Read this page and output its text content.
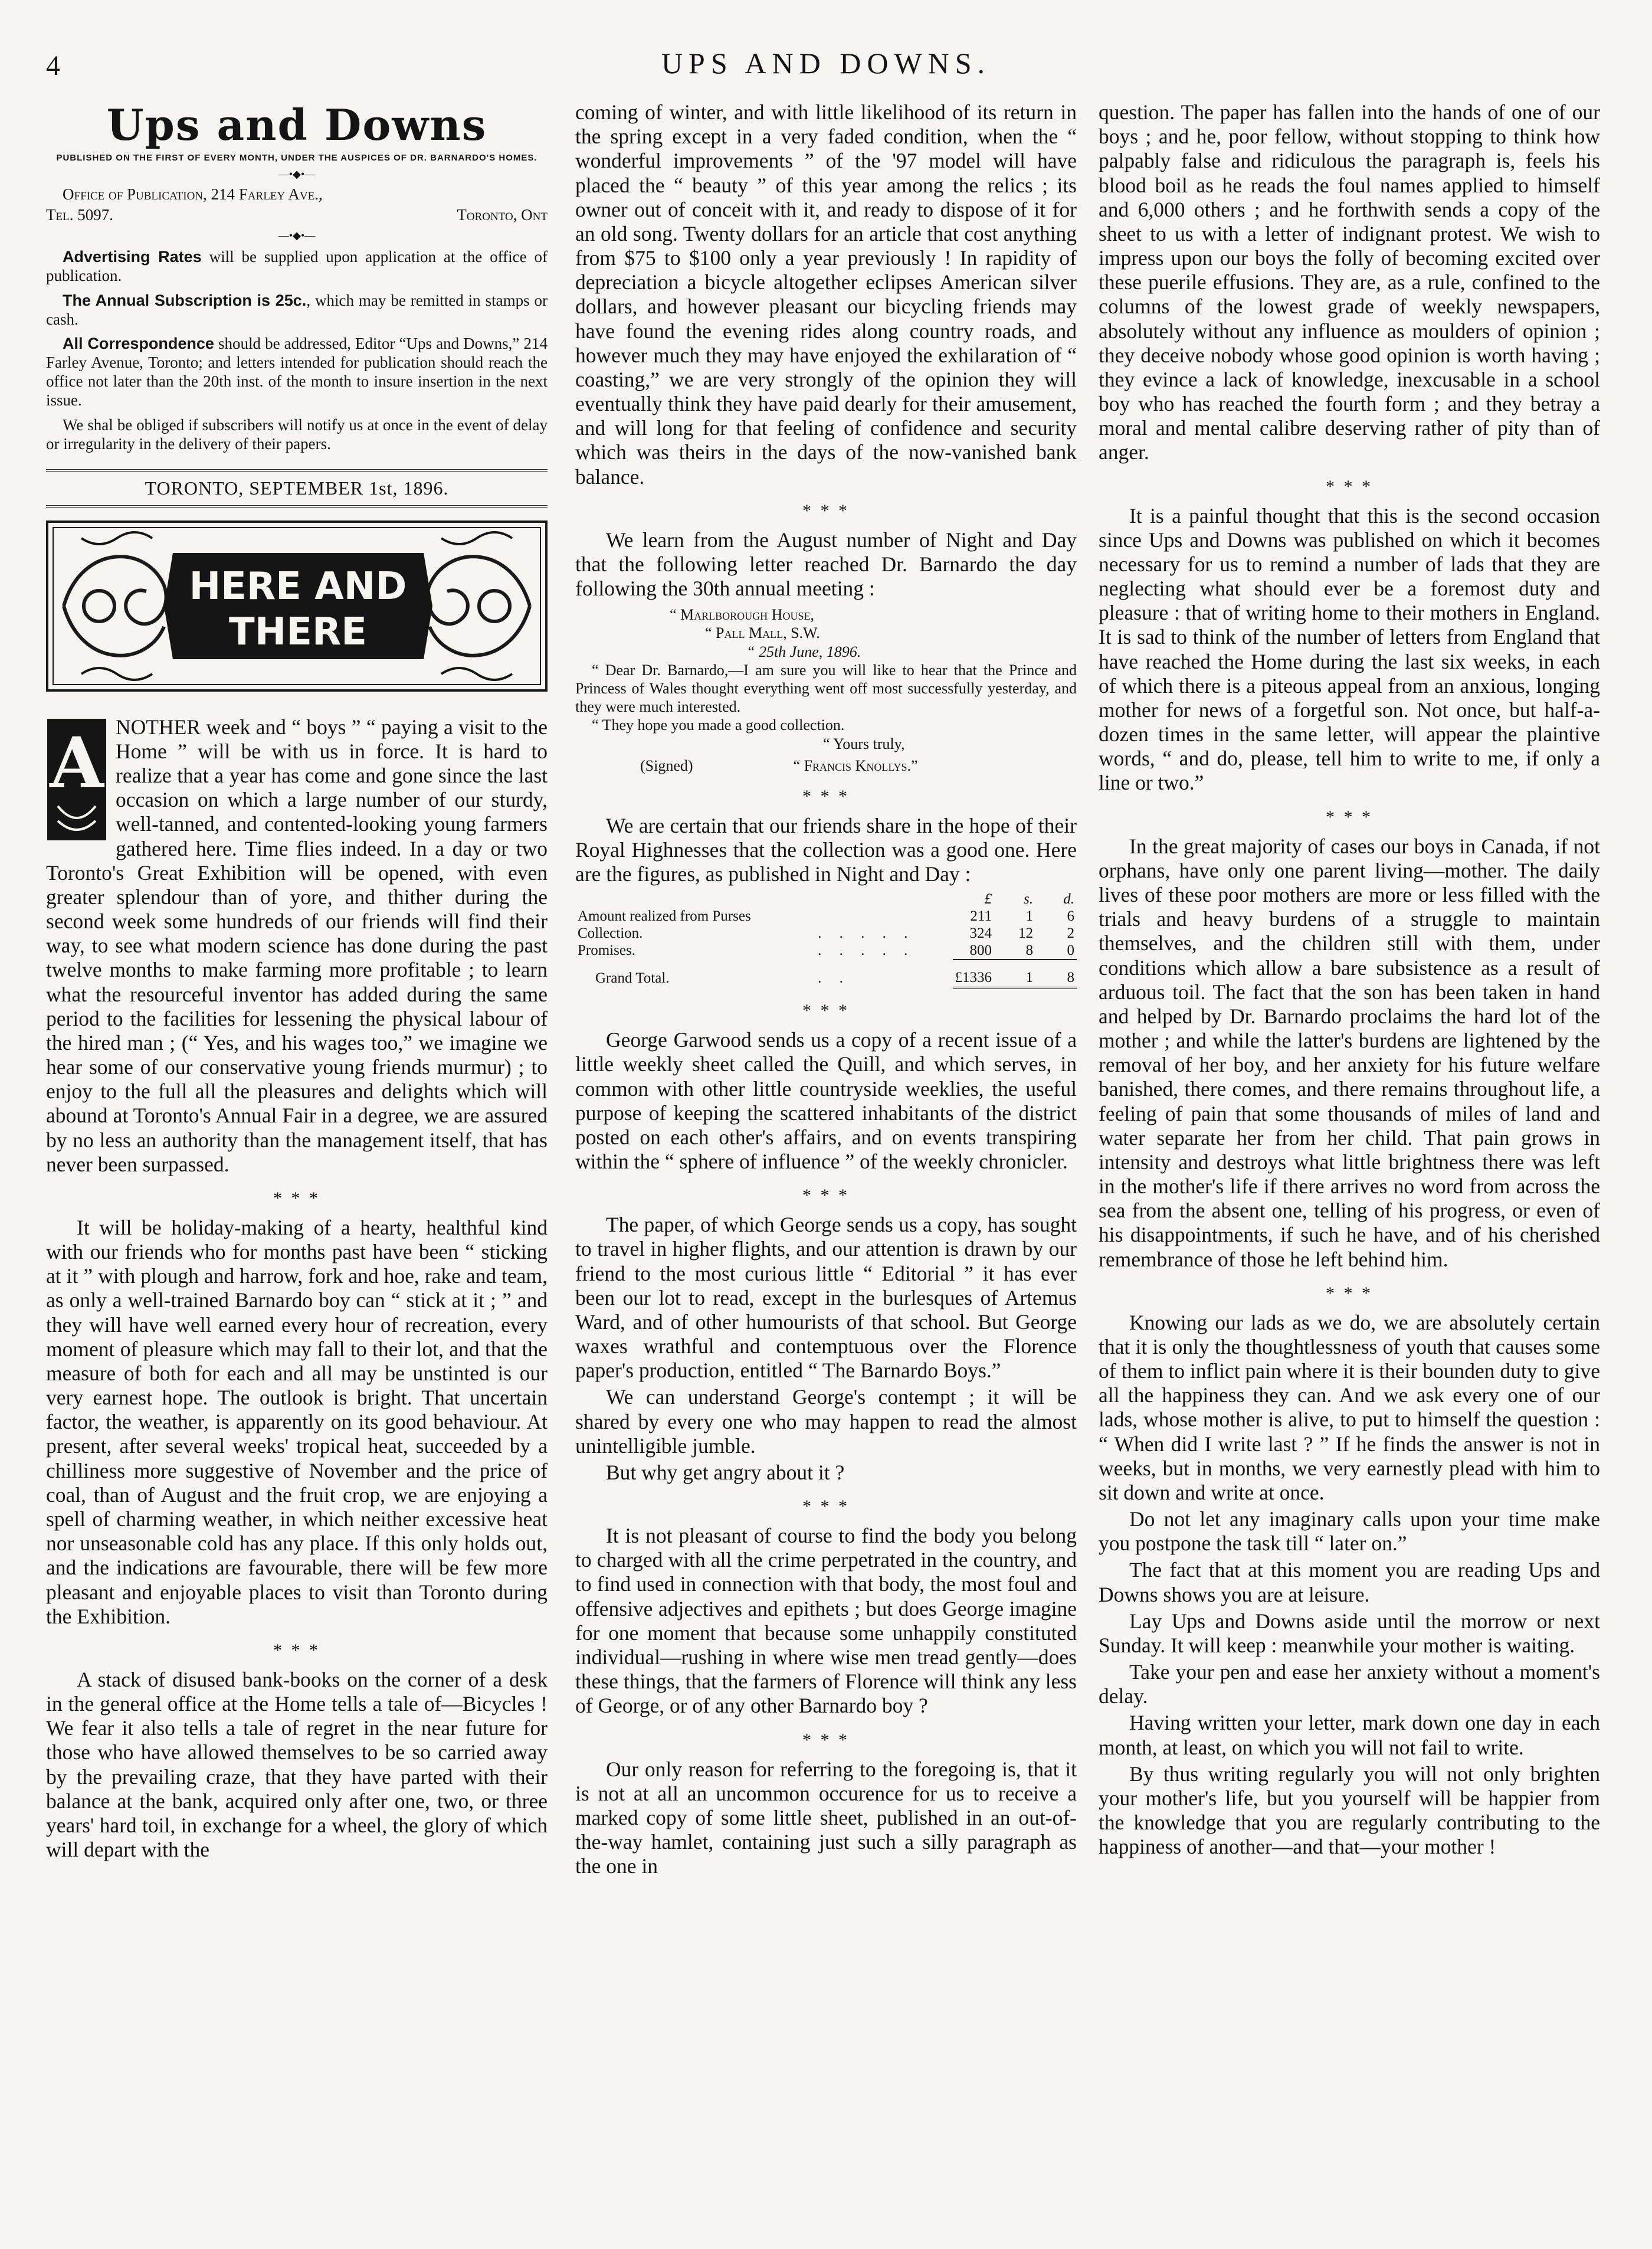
4	UPS AND DOWNS.
Ups and Downs
PUBLISHED ON THE FIRST OF EVERY MONTH, UNDER THE AUSPICES OF DR. BARNARDO'S HOMES.
—•◆•—
Office of Publication, 214 Farley Ave.,
Tel. 5097.	Toronto, Ont
—•◆•—

Advertising Rates will be supplied upon application at the office of publication.

The Annual Subscription is 25c., which may be remitted in stamps or cash.

All Correspondence should be addressed, Editor “Ups and Downs,” 214 Farley Avenue, Toronto; and letters intended for publication should reach the office not later than the 20th inst. of the month to insure insertion in the next issue.

We shal be obliged if subscribers will notify us at once in the event of delay or irregularity in the delivery of their papers.

TORONTO, SEPTEMBER 1st, 1896.
HERE AND
THERE
A NOTHER week and “ boys ” “ paying a visit to the Home ” will be with us in force. It is hard to realize that a year has come and gone since the last occasion on which a large number of our sturdy, well-tanned, and contented-looking young farmers gathered here. Time flies indeed. In a day or two Toronto's Great Exhibition will be opened, with even greater splendour than of yore, and thither during the second week some hundreds of our friends will find their way, to see what modern science has done during the past twelve months to make farming more profitable ; to learn what the resourceful inventor has added during the same period to the facilities for lessening the physical labour of the hired man ; (“ Yes, and his wages too,” we imagine we hear some of our conservative young friends murmur) ; to enjoy to the full all the pleasures and delights which will abound at Toronto's Annual Fair in a degree, we are assured by no less an authority than the management itself, that has never been surpassed.

* * *

It will be holiday-making of a hearty, healthful kind with our friends who for months past have been “ sticking at it ” with plough and harrow, fork and hoe, rake and team, as only a well-trained Barnardo boy can “ stick at it ; ” and they will have well earned every hour of recreation, every moment of pleasure which may fall to their lot, and that the measure of both for each and all may be unstinted is our very earnest hope. The outlook is bright. That uncertain factor, the weather, is apparently on its good behaviour. At present, after several weeks' tropical heat, succeeded by a chilliness more suggestive of November and the price of coal, than of August and the fruit crop, we are enjoying a spell of charming weather, in which neither excessive heat nor unseasonable cold has any place. If this only holds out, and the indications are favourable, there will be few more pleasant and enjoyable places to visit than Toronto during the Exhibition.

* * *

A stack of disused bank-books on the corner of a desk in the general office at the Home tells a tale of—Bicycles ! We fear it also tells a tale of regret in the near future for those who have allowed themselves to be so carried away by the prevailing craze, that they have parted with their balance at the bank, acquired only after one, two, or three years' hard toil, in exchange for a wheel, the glory of which will depart with the

coming of winter, and with little likelihood of its return in the spring except in a very faded condition, when the “ wonderful improvements ” of the '97 model will have placed the “ beauty ” of this year among the relics ; its owner out of conceit with it, and ready to dispose of it for an old song. Twenty dollars for an article that cost anything from $75 to $100 only a year previously ! In rapidity of depreciation a bicycle altogether eclipses American silver dollars, and however pleasant our bicycling friends may have found the evening rides along country roads, and however much they may have enjoyed the exhilaration of “ coasting,” we are very strongly of the opinion they will eventually think they have paid dearly for their amusement, and will long for that feeling of confidence and security which was theirs in the days of the now-vanished bank balance.

* * *

We learn from the August number of Night and Day that the following letter reached Dr. Barnardo the day following the 30th annual meeting :

“ Marlborough House,
“ Pall Mall, S.W.
“ 25th June, 1896.

“ Dear Dr. Barnardo,—I am sure you will like to hear that the Prince and Princess of Wales thought everything went off most successfully yesterday, and they were much interested.

“ They hope you made a good collection.

“ Yours truly,
(Signed)	“ Francis Knollys.”
* * *

We are certain that our friends share in the hope of their Royal Highnesses that the collection was a good one. Here are the figures, as published in Night and Day :

		£	s.	d.
Amount realized from Purses		211	1	6
Collection.	. . . . .	324	12	2
Promises.	. . . . .	800	8	0
Grand Total.	. .	£1336	1	8
* * *

George Garwood sends us a copy of a recent issue of a little weekly sheet called the Quill, and which serves, in common with other little countryside weeklies, the useful purpose of keeping the scattered inhabitants of the district posted on each other's affairs, and on events transpiring within the “ sphere of influence ” of the weekly chronicler.

* * *

The paper, of which George sends us a copy, has sought to travel in higher flights, and our attention is drawn by our friend to the most curious little “ Editorial ” it has ever been our lot to read, except in the burlesques of Artemus Ward, and of other humourists of that school. But George waxes wrathful and contemptuous over the Florence paper's production, entitled “ The Barnardo Boys.”

We can understand George's contempt ; it will be shared by every one who may happen to read the almost unintelligible jumble.

But why get angry about it ?

* * *

It is not pleasant of course to find the body you belong to charged with all the crime perpetrated in the country, and to find used in connection with that body, the most foul and offensive adjectives and epithets ; but does George imagine for one moment that because some unhappily constituted individual—rushing in where wise men tread gently—does these things, that the farmers of Florence will think any less of George, or of any other Barnardo boy ?

* * *

Our only reason for referring to the foregoing is, that it is not at all an uncommon occurence for us to receive a marked copy of some little sheet, published in an out-of-the-way hamlet, containing just such a silly paragraph as the one in

question. The paper has fallen into the hands of one of our boys ; and he, poor fellow, without stopping to think how palpably false and ridiculous the paragraph is, feels his blood boil as he reads the foul names applied to himself and 6,000 others ; and he forthwith sends a copy of the sheet to us with a letter of indignant protest. We wish to impress upon our boys the folly of becoming excited over these puerile effusions. They are, as a rule, confined to the columns of the lowest grade of weekly newspapers, absolutely without any influence as moulders of opinion ; they deceive nobody whose good opinion is worth having ; they evince a lack of knowledge, inexcusable in a school boy who has reached the fourth form ; and they betray a moral and mental calibre deserving rather of pity than of anger.

* * *

It is a painful thought that this is the second occasion since Ups and Downs was published on which it becomes necessary for us to remind a number of lads that they are neglecting what should ever be a foremost duty and pleasure : that of writing home to their mothers in England. It is sad to think of the number of letters from England that have reached the Home during the last six weeks, in each of which there is a piteous appeal from an anxious, longing mother for news of a forgetful son. Not once, but half-a-dozen times in the same letter, will appear the plaintive words, “ and do, please, tell him to write to me, if only a line or two.”

* * *

In the great majority of cases our boys in Canada, if not orphans, have only one parent living—mother. The daily lives of these poor mothers are more or less filled with the trials and heavy burdens of a struggle to maintain themselves, and the children still with them, under conditions which allow a bare subsistence as a result of arduous toil. The fact that the son has been taken in hand and helped by Dr. Barnardo proclaims the hard lot of the mother ; and while the latter's burdens are lightened by the removal of her boy, and her anxiety for his future welfare banished, there comes, and there remains throughout life, a feeling of pain that some thousands of miles of land and water separate her from her child. That pain grows in intensity and destroys what little brightness there was left in the mother's life if there arrives no word from across the sea from the absent one, telling of his progress, or even of his disappointments, if such he have, and of his cherished remembrance of those he left behind him.

* * *

Knowing our lads as we do, we are absolutely certain that it is only the thoughtlessness of youth that causes some of them to inflict pain where it is their bounden duty to give all the happiness they can. And we ask every one of our lads, whose mother is alive, to put to himself the question : “ When did I write last ? ” If he finds the answer is not in weeks, but in months, we very earnestly plead with him to sit down and write at once.

Do not let any imaginary calls upon your time make you postpone the task till “ later on.”

The fact that at this moment you are reading Ups and Downs shows you are at leisure.

Lay Ups and Downs aside until the morrow or next Sunday. It will keep : meanwhile your mother is waiting.

Take your pen and ease her anxiety without a moment's delay.

Having written your letter, mark down one day in each month, at least, on which you will not fail to write.

By thus writing regularly you will not only brighten your mother's life, but you yourself will be happier from the knowledge that you are regularly contributing to the happiness of another—and that—your mother !
